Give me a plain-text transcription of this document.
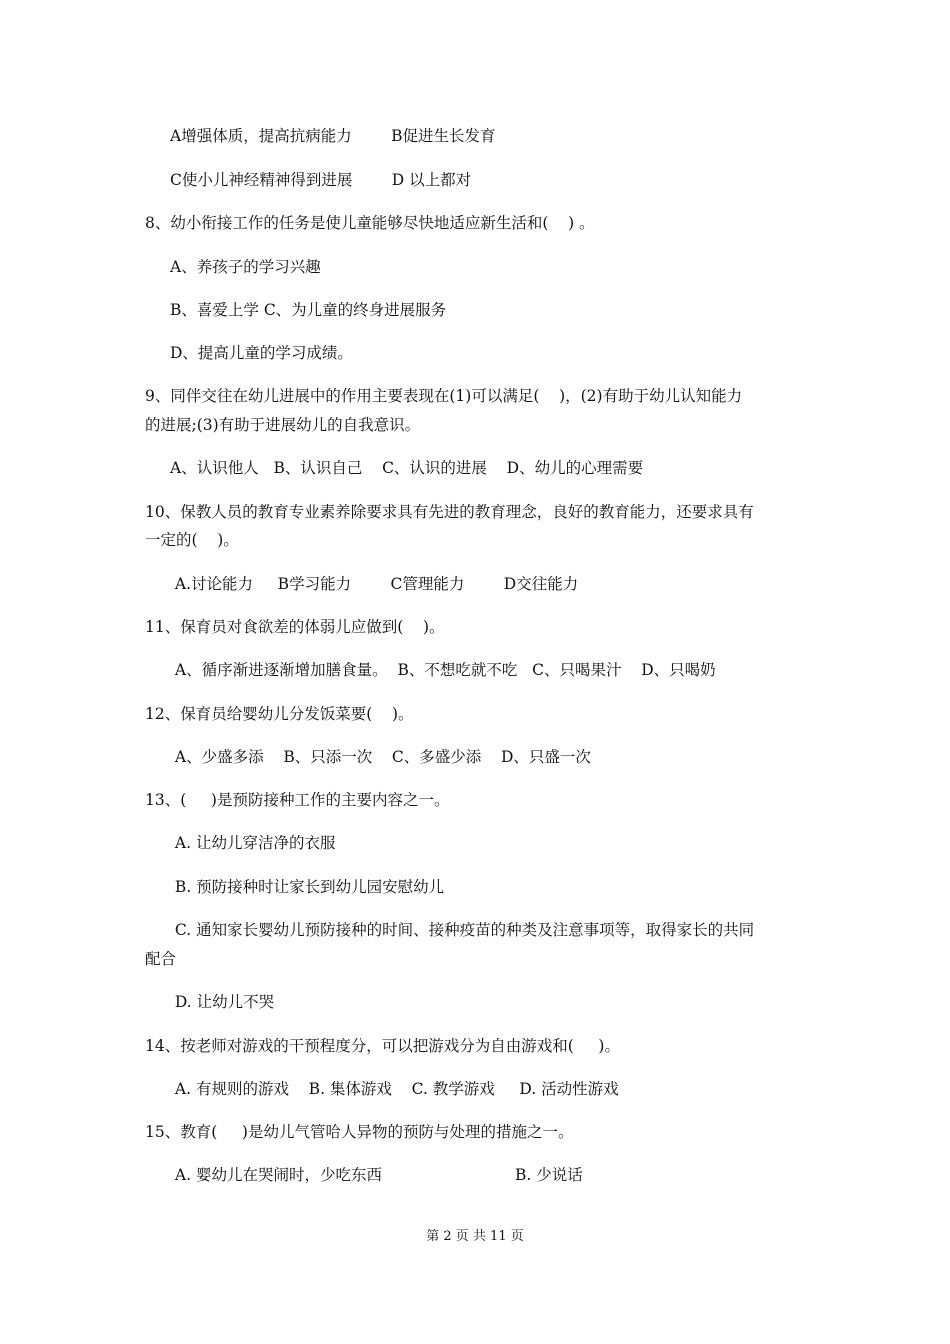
A增强体质，提高抗病能力        B促进生长发育
C使小儿神经精神得到进展        D 以上都对
8、幼小衔接工作的任务是使儿童能够尽快地适应新生活和(    ) 。
A、养孩子的学习兴趣
B、喜爱上学 C、为儿童的终身进展服务
D、提高儿童的学习成绩。
9、同伴交往在幼儿进展中的作用主要表现在(1)可以满足(    )，(2)有助于幼儿认知能力
的进展;(3)有助于进展幼儿的自我意识。
A、认识他人   B、认识自己    C、认识的进展    D、幼儿的心理需要
10、保教人员的教育专业素养除要求具有先进的教育理念，良好的教育能力，还要求具有
一定的(    )。
A.讨论能力     B学习能力        C管理能力        D交往能力
11、保育员对食欲差的体弱儿应做到(    )。
A、循序渐进逐渐增加膳食量。  B、不想吃就不吃   C、只喝果汁    D、只喝奶
12、保育员给婴幼儿分发饭菜要(    )。
A、少盛多添    B、只添一次    C、多盛少添    D、只盛一次
13、(     )是预防接种工作的主要内容之一。
A. 让幼儿穿洁净的衣服
B. 预防接种时让家长到幼儿园安慰幼儿
C. 通知家长婴幼儿预防接种的时间、接种疫苗的种类及注意事项等，取得家长的共同
配合
D. 让幼儿不哭
14、按老师对游戏的干预程度分，可以把游戏分为自由游戏和(     )。
A. 有规则的游戏    B. 集体游戏    C. 教学游戏     D. 活动性游戏
15、教育(     )是幼儿气管哈人异物的预防与处理的措施之一。
A. 婴幼儿在哭闹时，少吃东西                           B. 少说话
第 2 页 共 11 页
